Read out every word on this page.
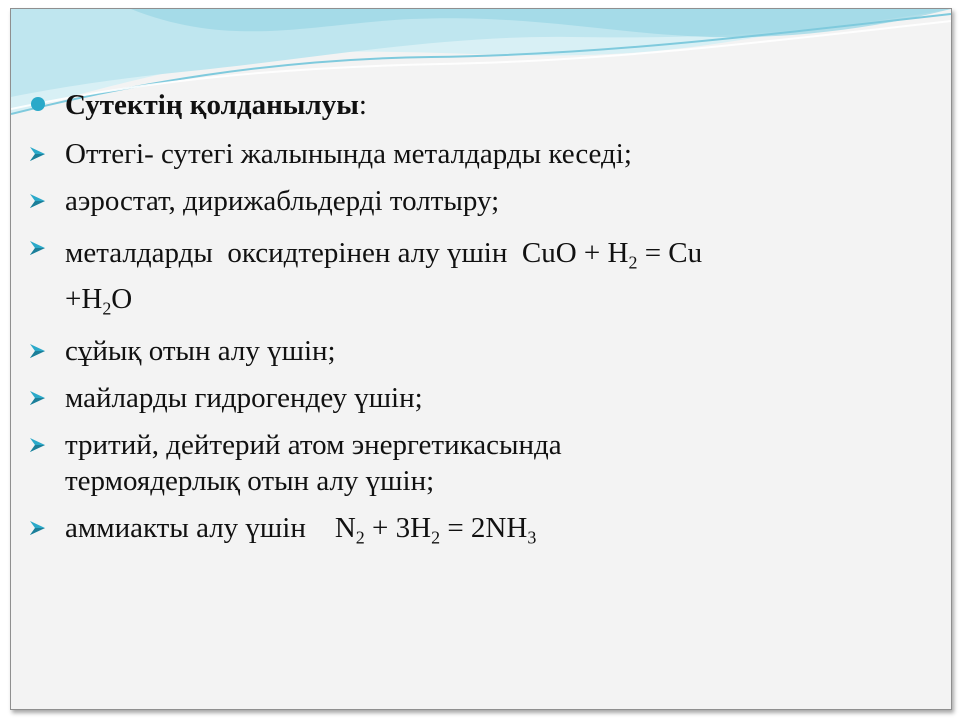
Сутектің қолданылуы:
Оттегі- сутегі жалынында металдарды кеседі;
аэростат, дирижабльдерді толтыру;
металдарды  оксидтерінен алу үшін  CuO + $H_2 = Cu$
$+H_2O$
сұйық отын алу үшін;
майларды гидрогендеу үшін;
тритий, дейтерий атом энергетикасында
термоядерлық отын алу үшін;
аммиакты алу үшін    $N_2 + 3H_2 = 2NH_3$
